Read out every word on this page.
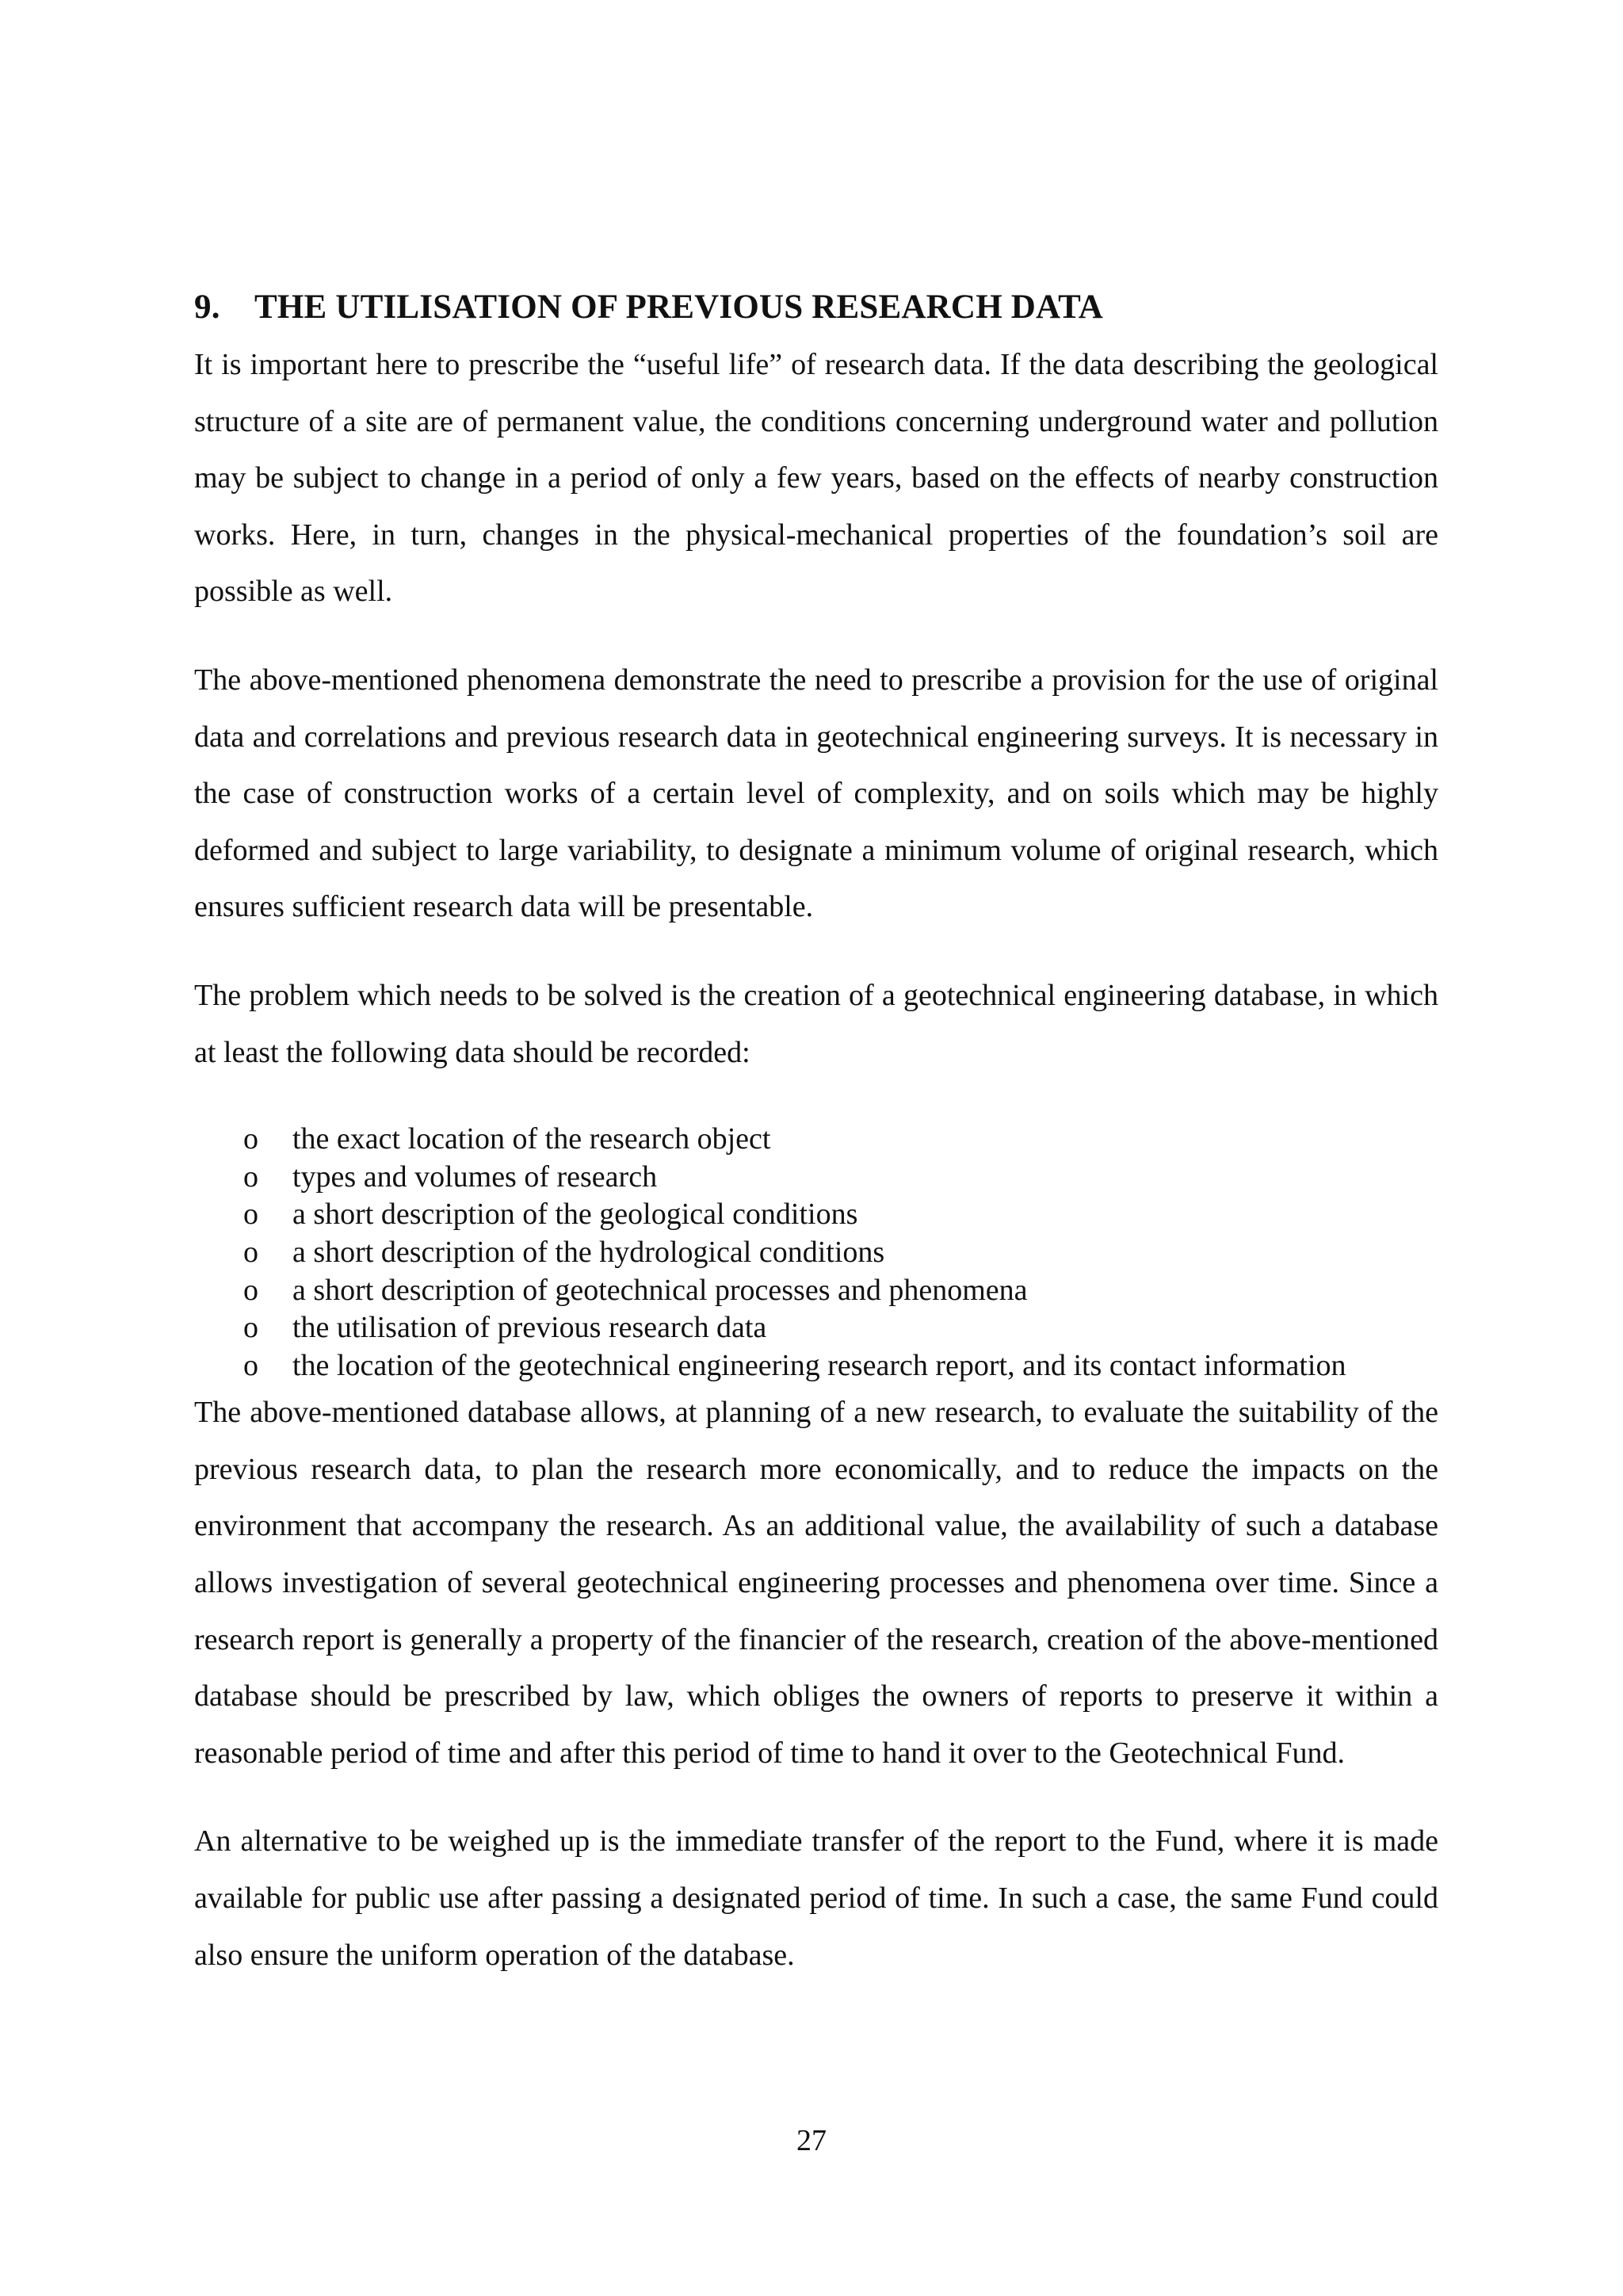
9. THE UTILISATION OF PREVIOUS RESEARCH DATA

It is important here to prescribe the “useful life” of research data. If the data describing the geological structure of a site are of permanent value, the conditions concerning underground water and pollution may be subject to change in a period of only a few years, based on the effects of nearby construction works. Here, in turn, changes in the physical-mechanical properties of the foundation’s soil are possible as well.

The above-mentioned phenomena demonstrate the need to prescribe a provision for the use of original data and correlations and previous research data in geotechnical engineering surveys. It is necessary in the case of construction works of a certain level of complexity, and on soils which may be highly deformed and subject to large variability, to designate a minimum volume of original research, which ensures sufficient research data will be presentable.

The problem which needs to be solved is the creation of a geotechnical engineering database, in which at least the following data should be recorded:

o the exact location of the research object
o types and volumes of research
o a short description of the geological conditions
o a short description of the hydrological conditions
o a short description of geotechnical processes and phenomena
o the utilisation of previous research data
o the location of the geotechnical engineering research report, and its contact information

The above-mentioned database allows, at planning of a new research, to evaluate the suitability of the previous research data, to plan the research more economically, and to reduce the impacts on the environment that accompany the research. As an additional value, the availability of such a database allows investigation of several geotechnical engineering processes and phenomena over time. Since a research report is generally a property of the financier of the research, creation of the above-mentioned database should be prescribed by law, which obliges the owners of reports to preserve it within a reasonable period of time and after this period of time to hand it over to the Geotechnical Fund.

An alternative to be weighed up is the immediate transfer of the report to the Fund, where it is made available for public use after passing a designated period of time. In such a case, the same Fund could also ensure the uniform operation of the database.

27
